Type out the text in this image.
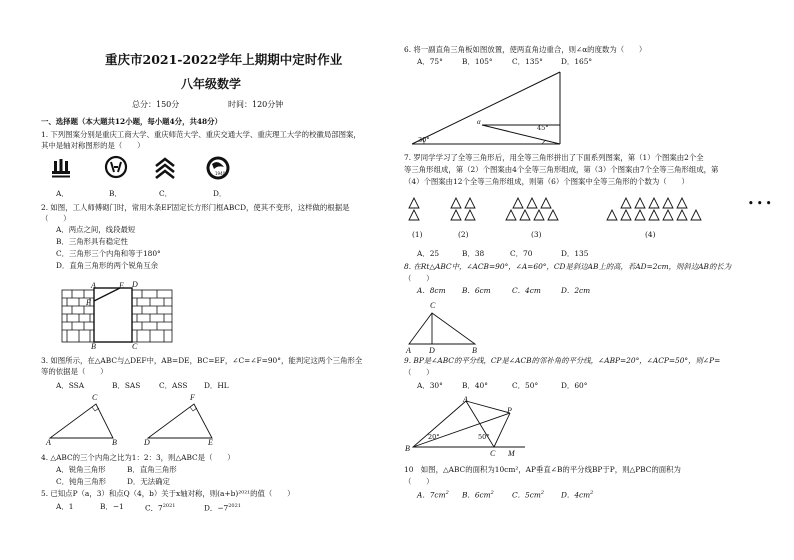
重庆市2021-2022学年上期期中定时作业
八年级数学
总分：150分	时间：120分钟
一、选择题（本大题共12小题，每小题4分，共48分）
1. 下列图案分别是重庆工商大学、重庆师范大学、重庆交通大学、重庆理工大学的校徽局部图案，
其中是轴对称图形的是（　　）
1940
A．	B．	C．	D．
2. 如图，工人师傅砌门时，常用木条EF固定长方形门框ABCD，使其不变形，这样做的根据是
（　　）
A．两点之间，线段最短
B．三角形具有稳定性
C．三角形三个内角和等于180°
D．直角三角形的两个锐角互余
A	E D
F
B	C
3. 如图所示，在△ABC与△DEF中，AB=DE，BC=EF，∠C=∠F=90°，能判定这两个三角形全
等的依据是（　　）
A．SSA	B．SAS	C．ASS D．HL
C
A	B
F
D	E
4. △ABC的三个内角之比为1：2：3，则△ABC是（　　）
A．锐角三角形	B．直角三角形
C．钝角三角形	D．无法确定
5. 已知点P（a，3）和点Q（4，b）关于x轴对称，则(a+b)²⁰²¹的值（　　）
A．1	B．−1	C．$7^{2021}$	D．$-7^{2021}$
6. 将一副直角三角板如图放置，使两直角边重合，则∠α的度数为（　　）
A．75°	B．105°	C．135° D．165°
30°
45°
α
7. 罗同学学习了全等三角形后，用全等三角形拼出了下面系列图案，第（1）个图案由2个全
等三角形组成，第（2）个图案由4个全等三角形组成，第（3）个图案由7个全等三角形组成，第
（4）个图案由12个全等三角形组成，则第（6）个图案中全等三角形的个数为（　　）
• • •
(1)	(2)	(3)	(4)
A．25	B．38	C．70	D．135
8. 在Rt△ABC中，∠ACB=90°，∠A=60°，CD是斜边AB上的高，若AD=2cm，则斜边AB的长为
（　　）
A．8cm B．6cm	C．4cm	D．2cm
C
A D	B
9. BP是∠ABC的平分线，CP是∠ACB的邻补角的平分线，∠ABP=20°，∠ACP=50°，则∠P=
（　　）
A．30°	B．40°	C．50°	D．60°
A
P
B
C M
20°	50°
10　如图，△ABC的面积为10cm²，AP垂直∠B的平分线BP于P，则△PBC的面积为
（　　）
A．$7cm^2$ B．$6cm^2$ C．$5cm^2$ D．$4cm^2$
